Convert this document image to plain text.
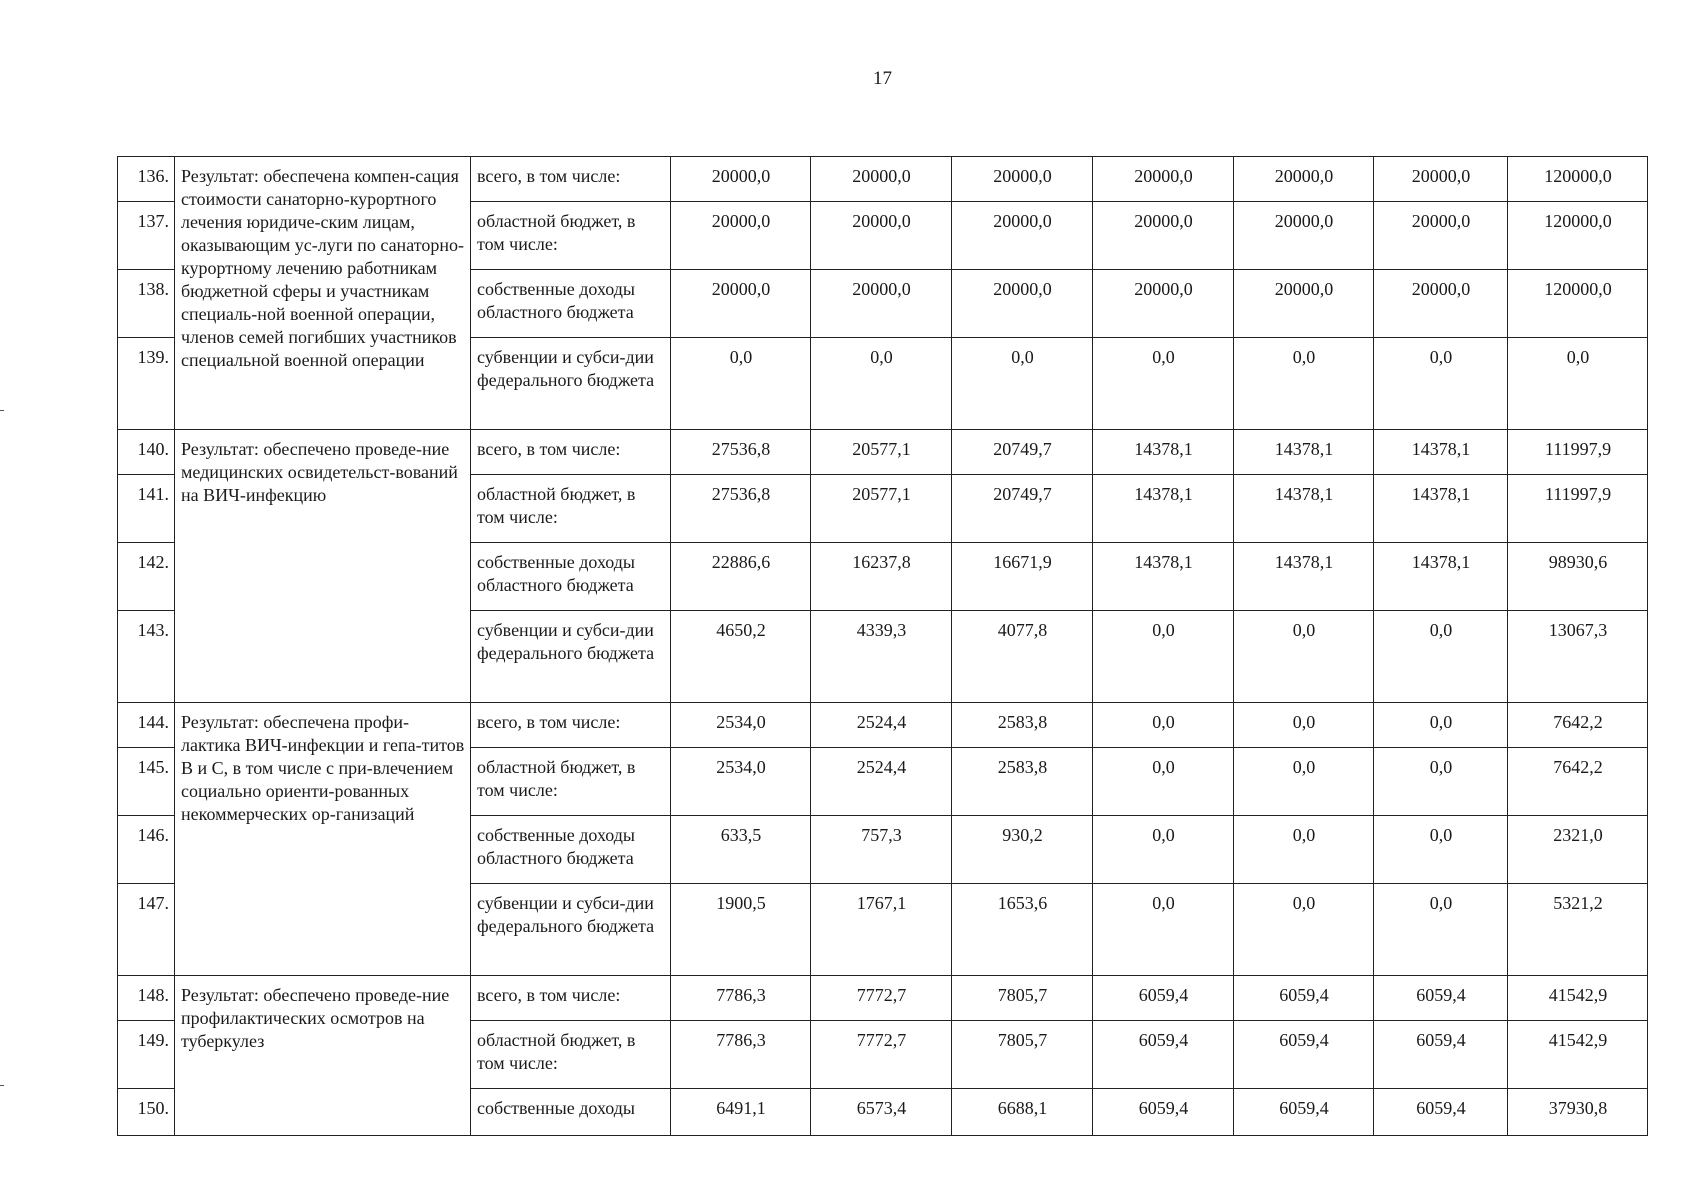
17
136.	Результат: обеспечена компен-сация стоимости санаторно-курортного лечения юридиче-ским лицам, оказывающим ус-луги по санаторно-курортному лечению работникам бюджетной сферы и участникам специаль-ной военной операции, членов семей погибших участников специальной военной операции	всего, в том числе:	20000,0	20000,0	20000,0	20000,0	20000,0	20000,0	120000,0
137.		областной бюджет, в том числе:	20000,0	20000,0	20000,0	20000,0	20000,0	20000,0	120000,0
138.		собственные доходы областного бюджета	20000,0	20000,0	20000,0	20000,0	20000,0	20000,0	120000,0
139.		субвенции и субси-дии федерального бюджета	0,0	0,0	0,0	0,0	0,0	0,0	0,0
140.	Результат: обеспечено проведе-ние медицинских освидетельст-вований на ВИЧ-инфекцию	всего, в том числе:	27536,8	20577,1	20749,7	14378,1	14378,1	14378,1	111997,9
141.		областной бюджет, в том числе:	27536,8	20577,1	20749,7	14378,1	14378,1	14378,1	111997,9
142.		собственные доходы областного бюджета	22886,6	16237,8	16671,9	14378,1	14378,1	14378,1	98930,6
143.		субвенции и субси-дии федерального бюджета	4650,2	4339,3	4077,8	0,0	0,0	0,0	13067,3
144.	Результат: обеспечена профи-лактика ВИЧ-инфекции и гепа-титов В и С, в том числе с при-влечением социально ориенти-рованных некоммерческих ор-ганизаций	всего, в том числе:	2534,0	2524,4	2583,8	0,0	0,0	0,0	7642,2
145.		областной бюджет, в том числе:	2534,0	2524,4	2583,8	0,0	0,0	0,0	7642,2
146.		собственные доходы областного бюджета	633,5	757,3	930,2	0,0	0,0	0,0	2321,0
147.		субвенции и субси-дии федерального бюджета	1900,5	1767,1	1653,6	0,0	0,0	0,0	5321,2
148.	Результат: обеспечено проведе-ние профилактических осмотров на туберкулез	всего, в том числе:	7786,3	7772,7	7805,7	6059,4	6059,4	6059,4	41542,9
149.		областной бюджет, в том числе:	7786,3	7772,7	7805,7	6059,4	6059,4	6059,4	41542,9
150.		собственные доходы	6491,1	6573,4	6688,1	6059,4	6059,4	6059,4	37930,8
